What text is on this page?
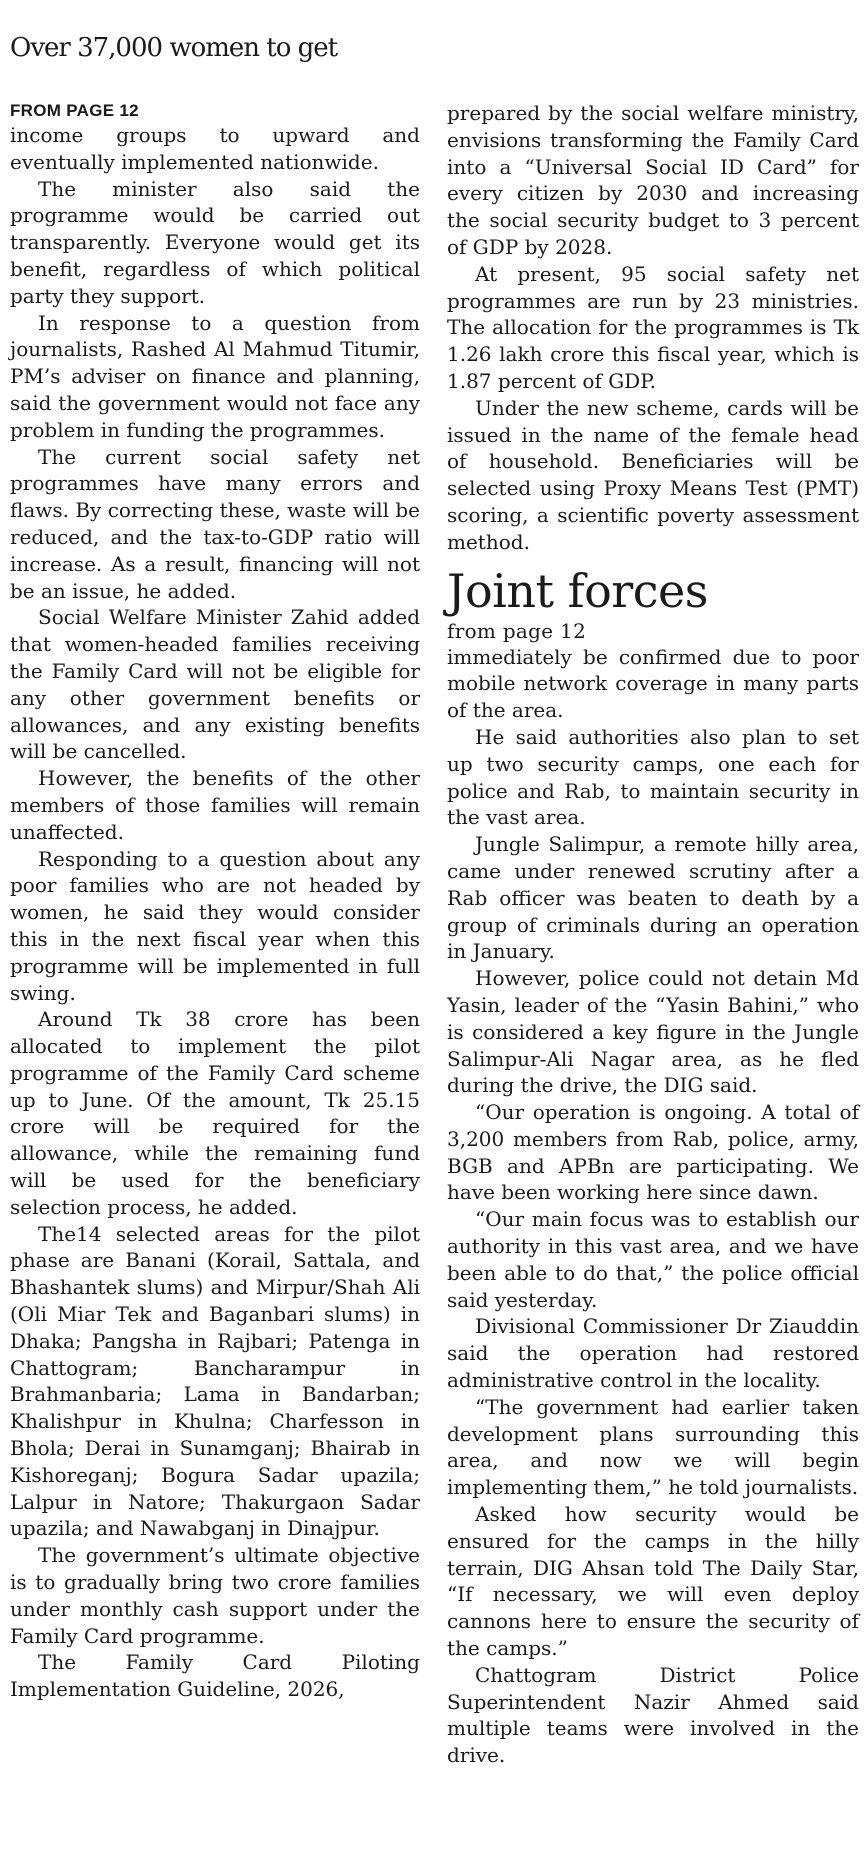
Over 37,000 women to get

FROM PAGE 12

income groups to upward and eventually implemented nationwide.

The minister also said the programme would be carried out transparently. Everyone would get its benefit, regardless of which political party they support.

In response to a question from journalists, Rashed Al Mahmud Titumir, PM’s adviser on finance and planning, said the government would not face any problem in funding the programmes.

The current social safety net programmes have many errors and flaws. By correcting these, waste will be reduced, and the tax-to-GDP ratio will increase. As a result, financing will not be an issue, he added.

Social Welfare Minister Zahid added that women-headed families receiving the Family Card will not be eligible for any other government benefits or allowances, and any existing benefits will be cancelled.

However, the benefits of the other members of those families will remain unaffected.

Responding to a question about any poor families who are not headed by women, he said they would consider this in the next fiscal year when this programme will be implemented in full swing.

Around Tk 38 crore has been allocated to implement the pilot programme of the Family Card scheme up to June. Of the amount, Tk 25.15 crore will be required for the allowance, while the remaining fund will be used for the beneficiary selection process, he added.

The14 selected areas for the pilot phase are Banani (Korail, Sattala, and Bhashantek slums) and Mirpur/Shah Ali (Oli Miar Tek and Baganbari slums) in Dhaka; Pangsha in Rajbari; Patenga in Chattogram; Bancharampur in Brahmanbaria; Lama in Bandarban; Khalishpur in Khulna; Charfesson in Bhola; Derai in Sunamganj; Bhairab in Kishoreganj; Bogura Sadar upazila; Lalpur in Natore; Thakurgaon Sadar upazila; and Nawabganj in Dinajpur.

The government’s ultimate objective is to gradually bring two crore families under monthly cash support under the Family Card programme.

The Family Card Piloting Implementation Guideline, 2026,

prepared by the social welfare ministry, envisions transforming the Family Card into a “Universal Social ID Card” for every citizen by 2030 and increasing the social security budget to 3 percent of GDP by 2028.

At present, 95 social safety net programmes are run by 23 ministries. The allocation for the programmes is Tk 1.26 lakh crore this fiscal year, which is 1.87 percent of GDP.

Under the new scheme, cards will be issued in the name of the female head of household. Beneficiaries will be selected using Proxy Means Test (PMT) scoring, a scientific poverty assessment method.

Joint forces

from page 12

immediately be confirmed due to poor mobile network coverage in many parts of the area.

He said authorities also plan to set up two security camps, one each for police and Rab, to maintain security in the vast area.

Jungle Salimpur, a remote hilly area, came under renewed scrutiny after a Rab officer was beaten to death by a group of criminals during an operation in January.

However, police could not detain Md Yasin, leader of the “Yasin Bahini,” who is considered a key figure in the Jungle Salimpur-Ali Nagar area, as he fled during the drive, the DIG said.

“Our operation is ongoing. A total of 3,200 members from Rab, police, army, BGB and APBn are participating. We have been working here since dawn.

“Our main focus was to establish our authority in this vast area, and we have been able to do that,” the police official said yesterday.

Divisional Commissioner Dr Ziauddin said the operation had restored administrative control in the locality.

“The government had earlier taken development plans surrounding this area, and now we will begin implementing them,” he told journalists.

Asked how security would be ensured for the camps in the hilly terrain, DIG Ahsan told The Daily Star, “If necessary, we will even deploy cannons here to ensure the security of the camps.”

Chattogram District Police Superintendent Nazir Ahmed said multiple teams were involved in the drive.
